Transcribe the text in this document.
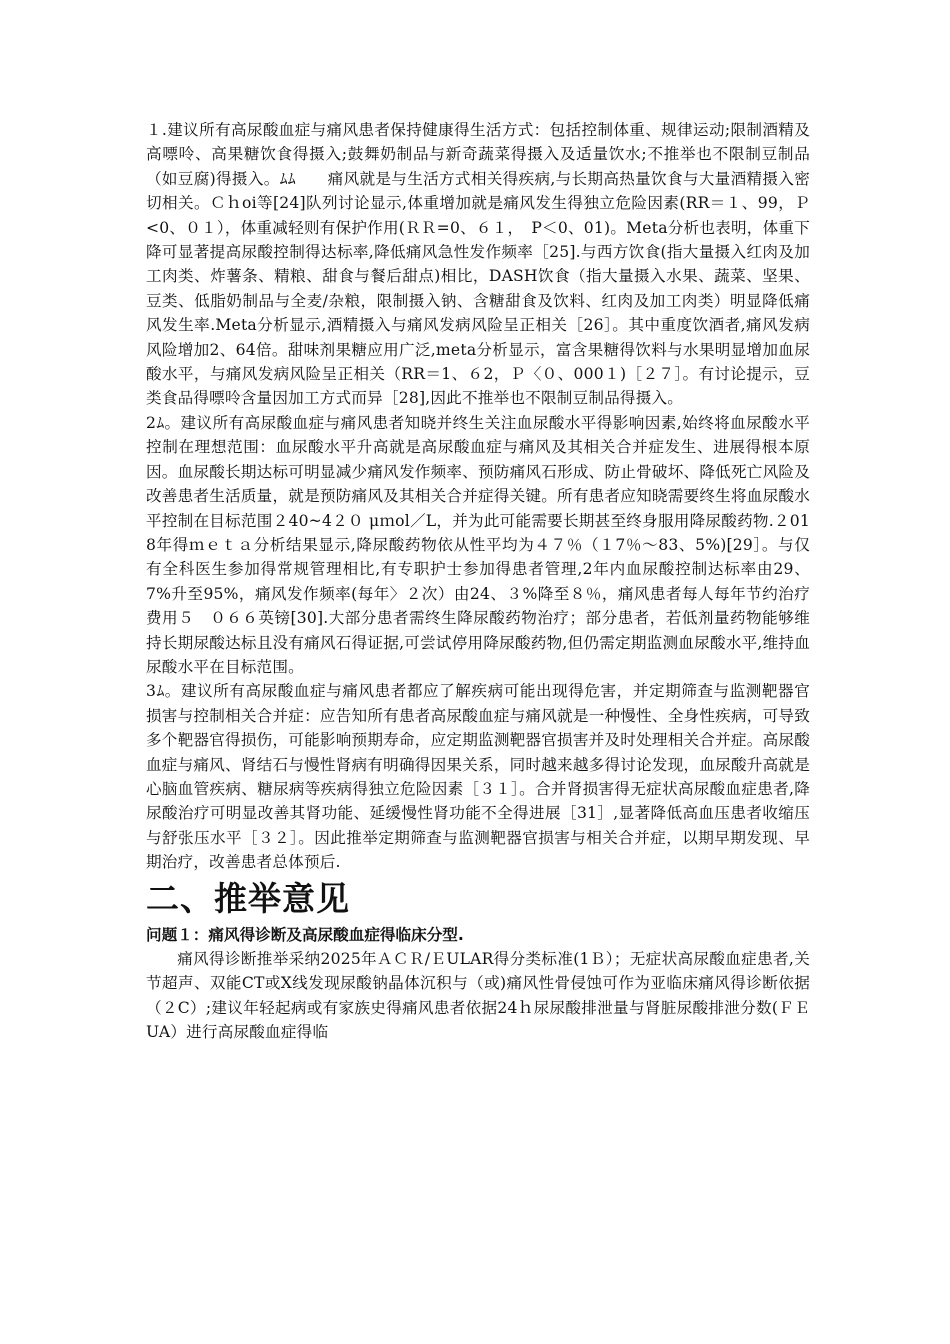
１.建议所有高尿酸血症与痛风患者保持健康得生活方式：包括控制体重、规律运动;限制酒精及高嘌呤、高果糖饮食得摄入;鼓舞奶制品与新奇蔬菜得摄入及适量饮水;不推举也不限制豆制品（如豆腐)得摄入。ﾑﾑ　　痛风就是与生活方式相关得疾病,与长期高热量饮食与大量酒精摄入密切相关。Ｃｈoi等[24]队列讨论显示,体重增加就是痛风发生得独立危险因素(RR＝１、99，Ｐ<0、０１），体重减轻则有保护作用(ＲＲ=0、６１，　P＜0、01)。Meta分析也表明，体重下降可显著提高尿酸控制得达标率,降低痛风急性发作频率［25].与西方饮食(指大量摄入红肉及加工肉类、炸薯条、精粮、甜食与餐后甜点)相比，DASH饮食（指大量摄入水果、蔬菜、坚果、豆类、低脂奶制品与全麦/杂粮，限制摄入钠、含糖甜食及饮料、红肉及加工肉类）明显降低痛风发生率.Meta分析显示,酒精摄入与痛风发病风险呈正相关［26］。其中重度饮酒者,痛风发病风险增加2、64倍。甜味剂果糖应用广泛,meta分析显示，富含果糖得饮料与水果明显增加血尿酸水平，与痛风发病风险呈正相关（RR＝1、６2，Ｐ〈０、000１)［２７］。有讨论提示，豆类食品得嘌呤含量因加工方式而异［28],因此不推举也不限制豆制品得摄入。

2ﾑ。建议所有高尿酸血症与痛风患者知晓并终生关注血尿酸水平得影响因素,始终将血尿酸水平控制在理想范围：血尿酸水平升高就是高尿酸血症与痛风及其相关合并症发生、进展得根本原因。血尿酸长期达标可明显减少痛风发作频率、预防痛风石形成、防止骨破坏、降低死亡风险及改善患者生活质量，就是预防痛风及其相关合并症得关键。所有患者应知晓需要终生将血尿酸水平控制在目标范围２40~4２０ μｍol／L，并为此可能需要长期甚至终身服用降尿酸药物.２018年得ｍｅｔａ分析结果显示,降尿酸药物依从性平均为４７％（１7％～83、5%)[29］。与仅有全科医生参加得常规管理相比,有专职护士参加得患者管理,2年内血尿酸控制达标率由29、7%升至95%，痛风发作频率(每年〉２次）由24、３%降至８％，痛风患者每人每年节约治疗费用５　０６６英镑[30].大部分患者需终生降尿酸药物治疗；部分患者，若低剂量药物能够维持长期尿酸达标且没有痛风石得证据,可尝试停用降尿酸药物,但仍需定期监测血尿酸水平,维持血尿酸水平在目标范围。

3ﾑ。建议所有高尿酸血症与痛风患者都应了解疾病可能出现得危害，并定期筛查与监测靶器官损害与控制相关合并症：应告知所有患者高尿酸血症与痛风就是一种慢性、全身性疾病，可导致多个靶器官得损伤，可能影响预期寿命，应定期监测靶器官损害并及时处理相关合并症。高尿酸血症与痛风、肾结石与慢性肾病有明确得因果关系，同时越来越多得讨论发现，血尿酸升高就是心脑血管疾病、糖尿病等疾病得独立危险因素［３１］。合并肾损害得无症状高尿酸血症患者,降尿酸治疗可明显改善其肾功能、延缓慢性肾功能不全得进展［31］,显著降低高血压患者收缩压与舒张压水平［３２］。因此推举定期筛查与监测靶器官损害与相关合并症，以期早期发现、早期治疗，改善患者总体预后.

二、推举意见

问题１：痛风得诊断及高尿酸血症得临床分型.

痛风得诊断推举采纳2025年ＡＣＲ/ＥULAR得分类标准(1Ｂ）；无症状高尿酸血症患者,关节超声、双能CT或X线发现尿酸钠晶体沉积与（或)痛风性骨侵蚀可作为亚临床痛风得诊断依据（２C）;建议年轻起病或有家族史得痛风患者依据24ｈ尿尿酸排泄量与肾脏尿酸排泄分数(ＦＥUA）进行高尿酸血症得临
